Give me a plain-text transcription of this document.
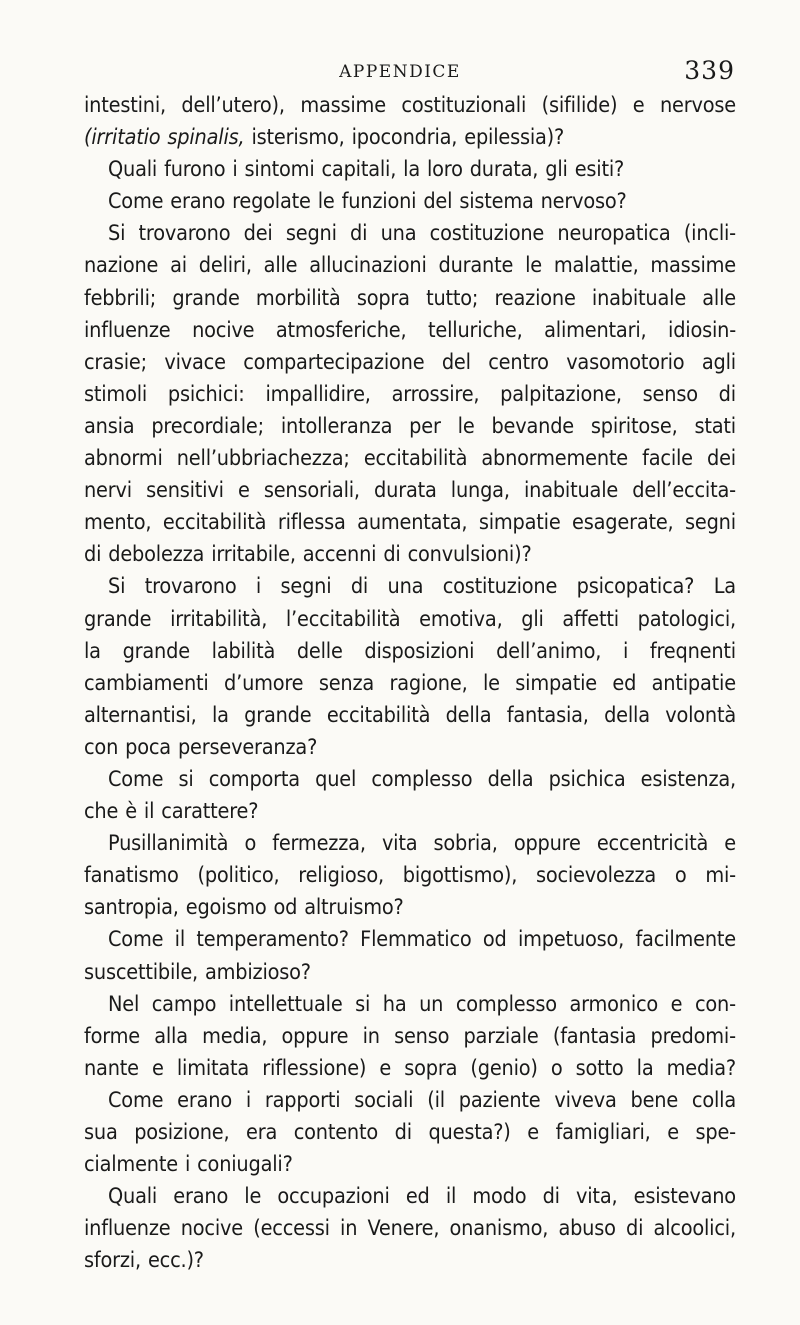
APPENDICE	339
intestini, dell’utero), massime costituzionali (sifilide) e nervose
(irritatio spinalis, isterismo, ipocondria, epilessia)?
Quali furono i sintomi capitali, la loro durata, gli esiti?
Come erano regolate le funzioni del sistema nervoso?
Si trovarono dei segni di una costituzione neuropatica (incli-
nazione ai deliri, alle allucinazioni durante le malattie, massime
febbrili; grande morbilità sopra tutto; reazione inabituale alle
influenze nocive atmosferiche, telluriche, alimentari, idiosin-
crasie; vivace compartecipazione del centro vasomotorio agli
stimoli psichici: impallidire, arrossire, palpitazione, senso di
ansia precordiale; intolleranza per le bevande spiritose, stati
abnormi nell’ubbriachezza; eccitabilità abnormemente facile dei
nervi sensitivi e sensoriali, durata lunga, inabituale dell’eccita-
mento, eccitabilità riflessa aumentata, simpatie esagerate, segni
di debolezza irritabile, accenni di convulsioni)?
Si trovarono i segni di una costituzione psicopatica? La
grande irritabilità, l’eccitabilità emotiva, gli affetti patologici,
la grande labilità delle disposizioni dell’animo, i freqnenti
cambiamenti d’umore senza ragione, le simpatie ed antipatie
alternantisi, la grande eccitabilità della fantasia, della volontà
con poca perseveranza?
Come si comporta quel complesso della psichica esistenza,
che è il carattere?
Pusillanimità o fermezza, vita sobria, oppure eccentricità e
fanatismo (politico, religioso, bigottismo), socievolezza o mi-
santropia, egoismo od altruismo?
Come il temperamento? Flemmatico od impetuoso, facilmente
suscettibile, ambizioso?
Nel campo intellettuale si ha un complesso armonico e con-
forme alla media, oppure in senso parziale (fantasia predomi-
nante e limitata riflessione) e sopra (genio) o sotto la media?
Come erano i rapporti sociali (il paziente viveva bene colla
sua posizione, era contento di questa?) e famigliari, e spe-
cialmente i coniugali?
Quali erano le occupazioni ed il modo di vita, esistevano
influenze nocive (eccessi in Venere, onanismo, abuso di alcoolici,
sforzi, ecc.)?
